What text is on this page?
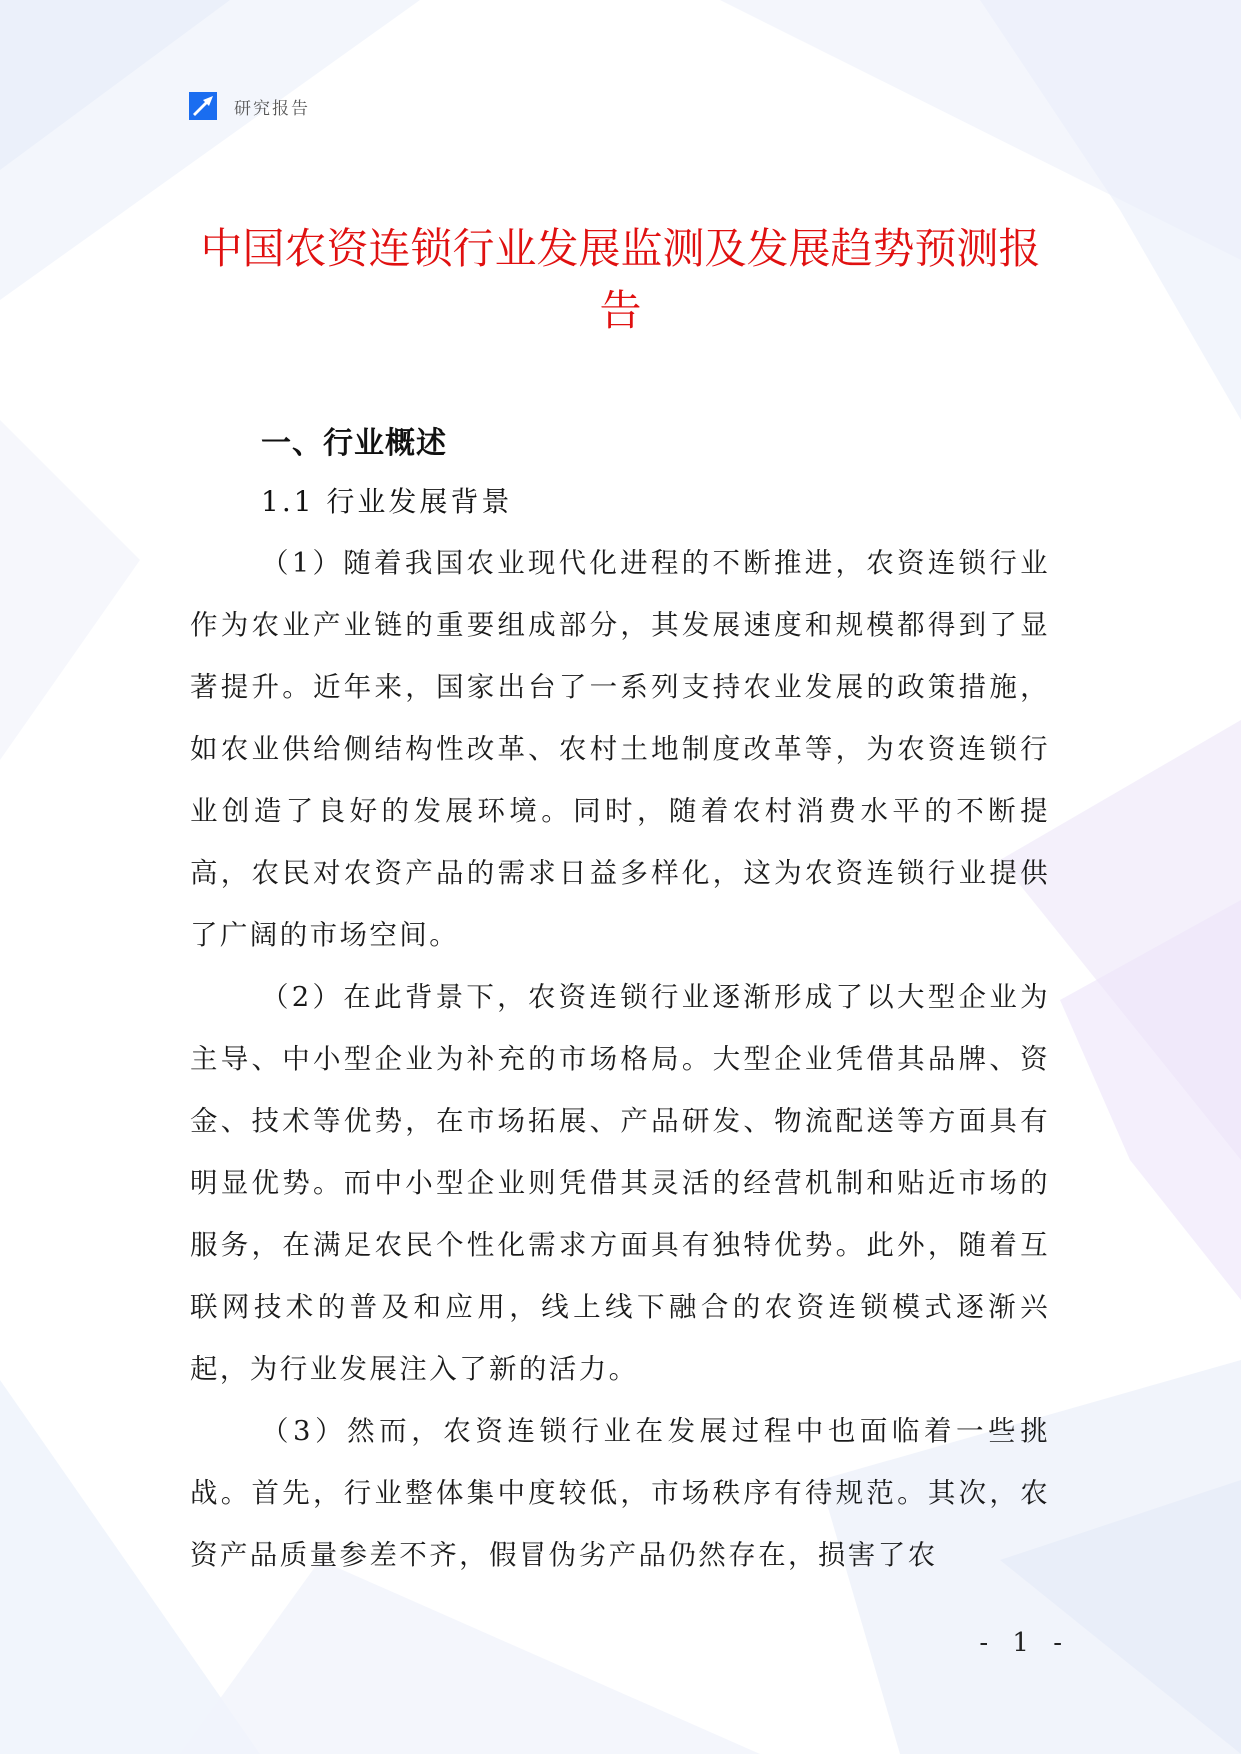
研究报告
中国农资连锁行业发展监测及发展趋势预测报告
一、行业概述
1.1 行业发展背景

（1）随着我国农业现代化进程的不断推进，农资连锁行业作为农业产业链的重要组成部分，其发展速度和规模都得到了显著提升。近年来，国家出台了一系列支持农业发展的政策措施，如农业供给侧结构性改革、农村土地制度改革等，为农资连锁行业创造了良好的发展环境。同时，随着农村消费水平的不断提高，农民对农资产品的需求日益多样化，这为农资连锁行业提供了广阔的市场空间。

（2）在此背景下，农资连锁行业逐渐形成了以大型企业为主导、中小型企业为补充的市场格局。大型企业凭借其品牌、资金、技术等优势，在市场拓展、产品研发、物流配送等方面具有明显优势。而中小型企业则凭借其灵活的经营机制和贴近市场的服务，在满足农民个性化需求方面具有独特优势。此外，随着互联网技术的普及和应用，线上线下融合的农资连锁模式逐渐兴起，为行业发展注入了新的活力。

（3）然而，农资连锁行业在发展过程中也面临着一些挑战。首先，行业整体集中度较低，市场秩序有待规范。其次，农资产品质量参差不齐，假冒伪劣产品仍然存在，损害了农

- 1 -
